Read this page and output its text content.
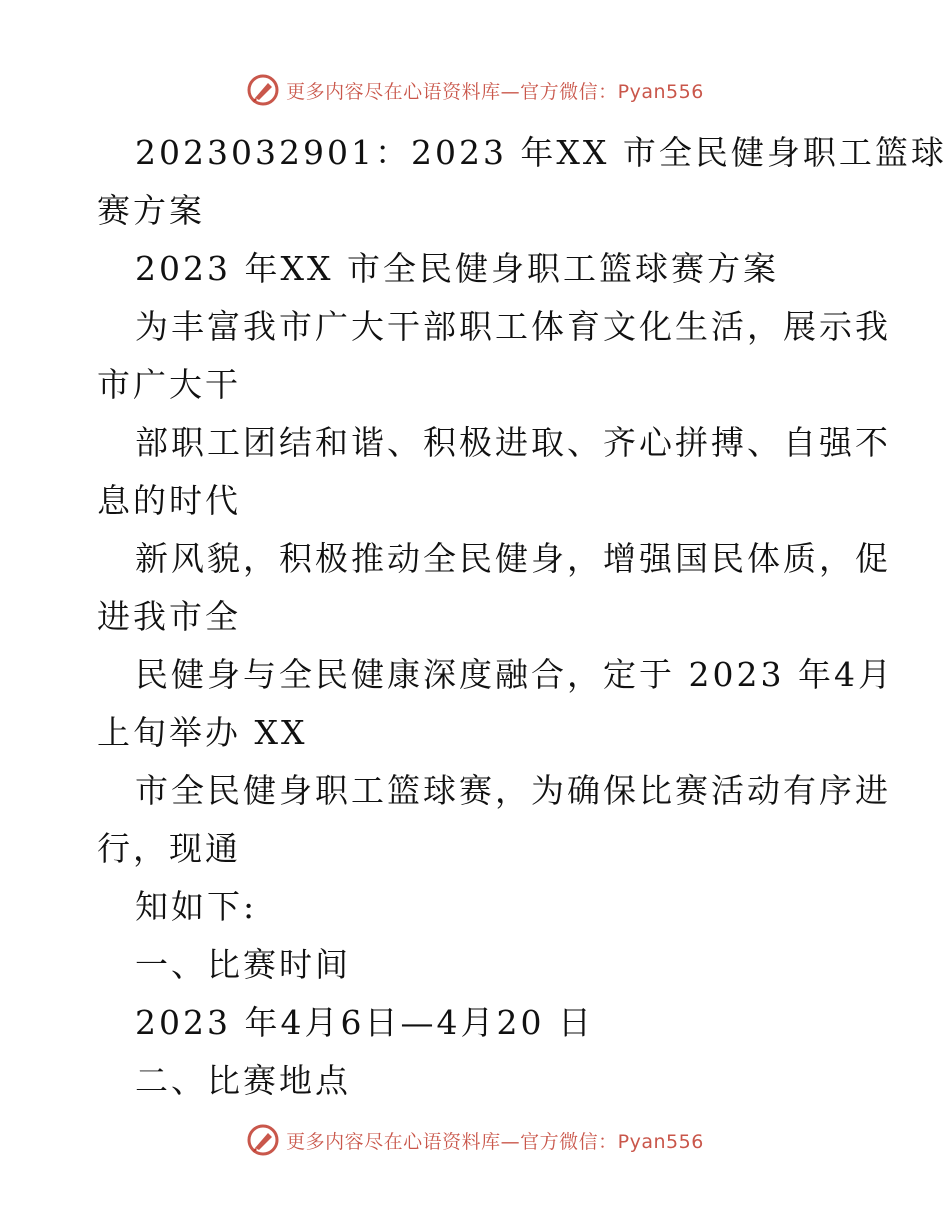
更多内容尽在心语资料库—官方微信：Pyan556
2023032901：2023 年XX 市全民健身职工篮球
赛方案
2023 年XX 市全民健身职工篮球赛方案
为丰富我市广大干部职工体育文化生活，展示我
市广大干
部职工团结和谐、积极进取、齐心拼搏、自强不
息的时代
新风貌，积极推动全民健身，增强国民体质，促
进我市全
民健身与全民健康深度融合，定于 2023 年4月
上旬举办 XX
市全民健身职工篮球赛，为确保比赛活动有序进
行，现通
知如下:
一、比赛时间
2023 年4月6日—4月20 日
二、比赛地点
更多内容尽在心语资料库—官方微信：Pyan556
